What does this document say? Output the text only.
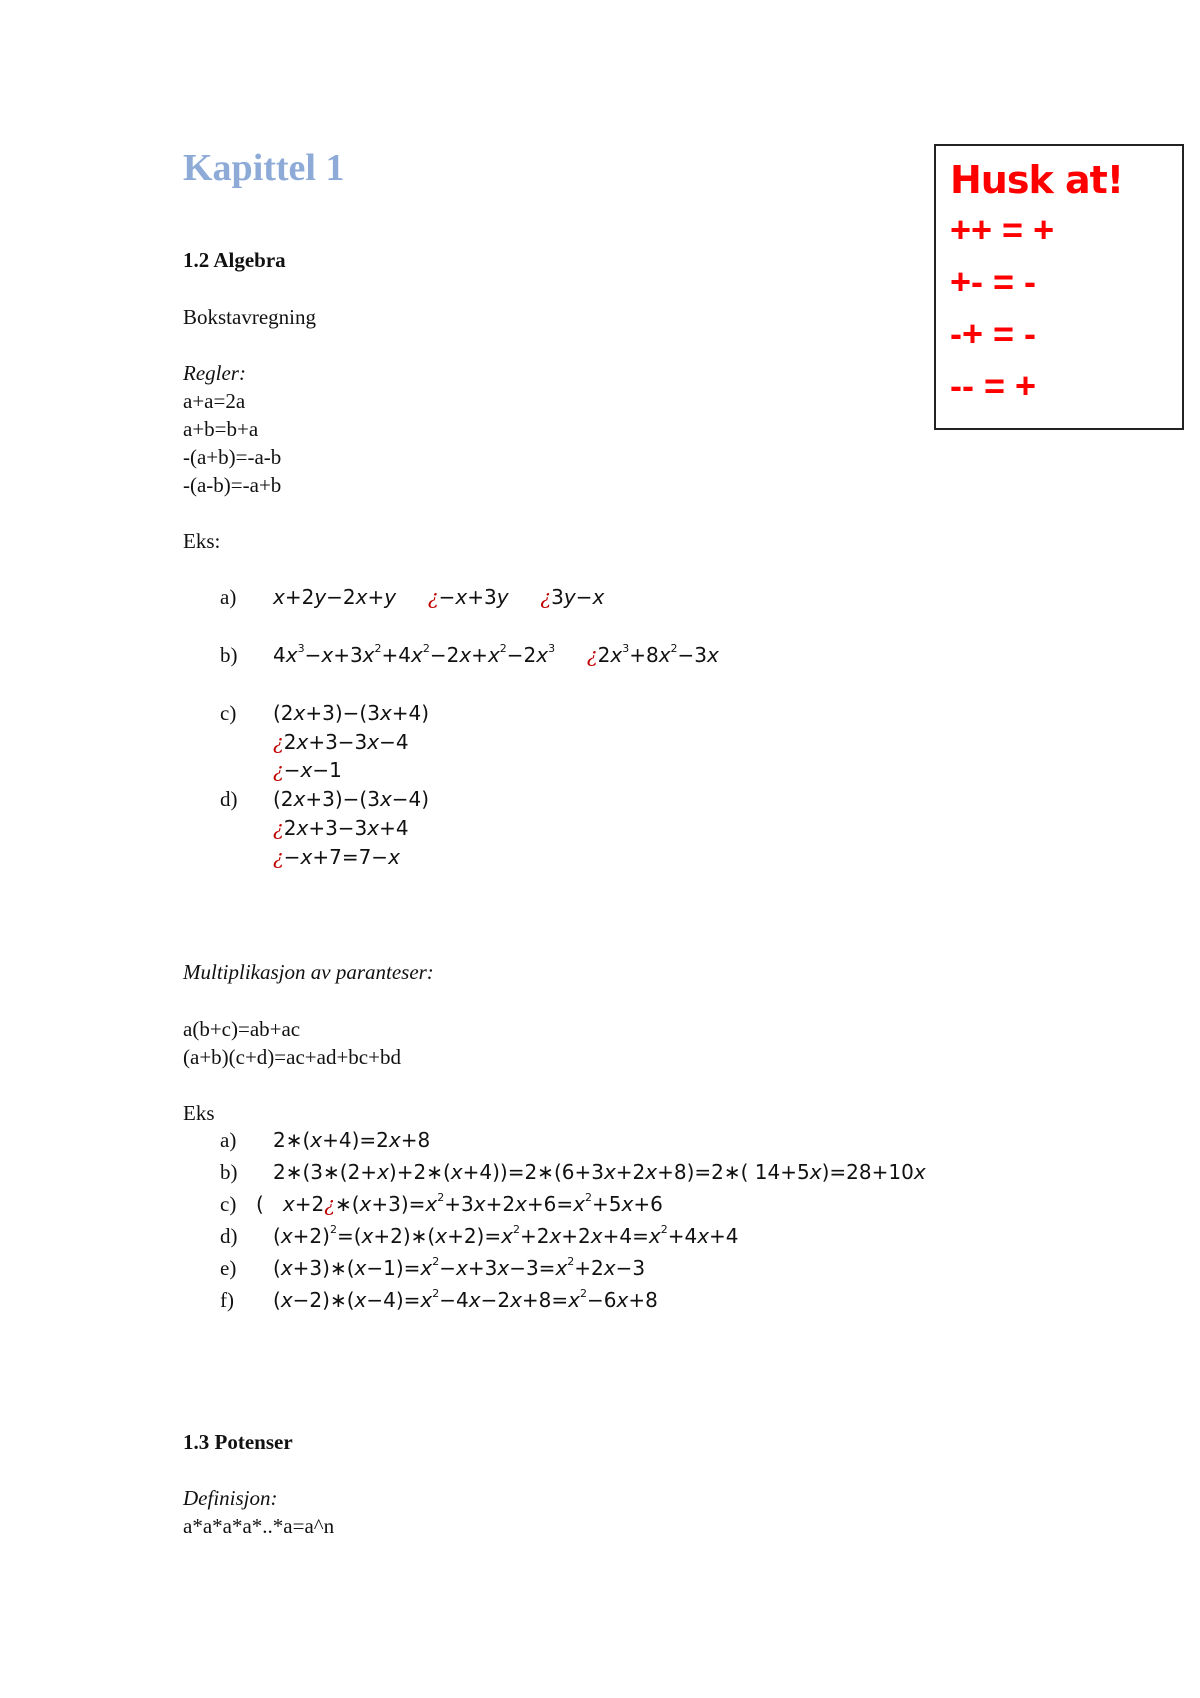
Kapittel 1	Husk at!
++ = +
+- = -
-+ = -
-- = +
1.2 Algebra
Bokstavregning
Regler:
a+a=2a
a+b=b+a
-(a+b)=-a-b
-(a-b)=-a+b
Eks:
a) x+2y−2x+y ¿−x+3y ¿3y−x
b) $4x^3-x+3x^2+4x^2-2x+x^2-2x^3$ ¿$2x^3+8x^2-3x$
c) (2x+3)−(3x+4)
¿2x+3−3x−4
¿−x−1
d) (2x+3)−(3x−4)
¿2x+3−3x+4
¿−x+7=7−x
Multiplikasjon av paranteser:
a(b+c)=ab+ac
(a+b)(c+d)=ac+ad+bc+bd
Eks
a) 2∗(x+4)=2x+8
b) 2∗(3∗(2+x)+2∗(x+4))=2∗(6+3x+2x+8)=2∗( 14+5x)=28+10x
c) (   $x+2¿∗(x+3)=x^2+3x+2x+6=x^2+5x+6$
d) $(x+2)^2=(x+2)∗(x+2)=x^2+2x+2x+4=x^2+4x+4$
e) $(x+3)∗(x-1)=x^2-x+3x-3=x^2+2x-3$
f) $(x-2)∗(x-4)=x^2-4x-2x+8=x^2-6x+8$
1.3 Potenser
Definisjon:
a*a*a*a*..*a=a^n
